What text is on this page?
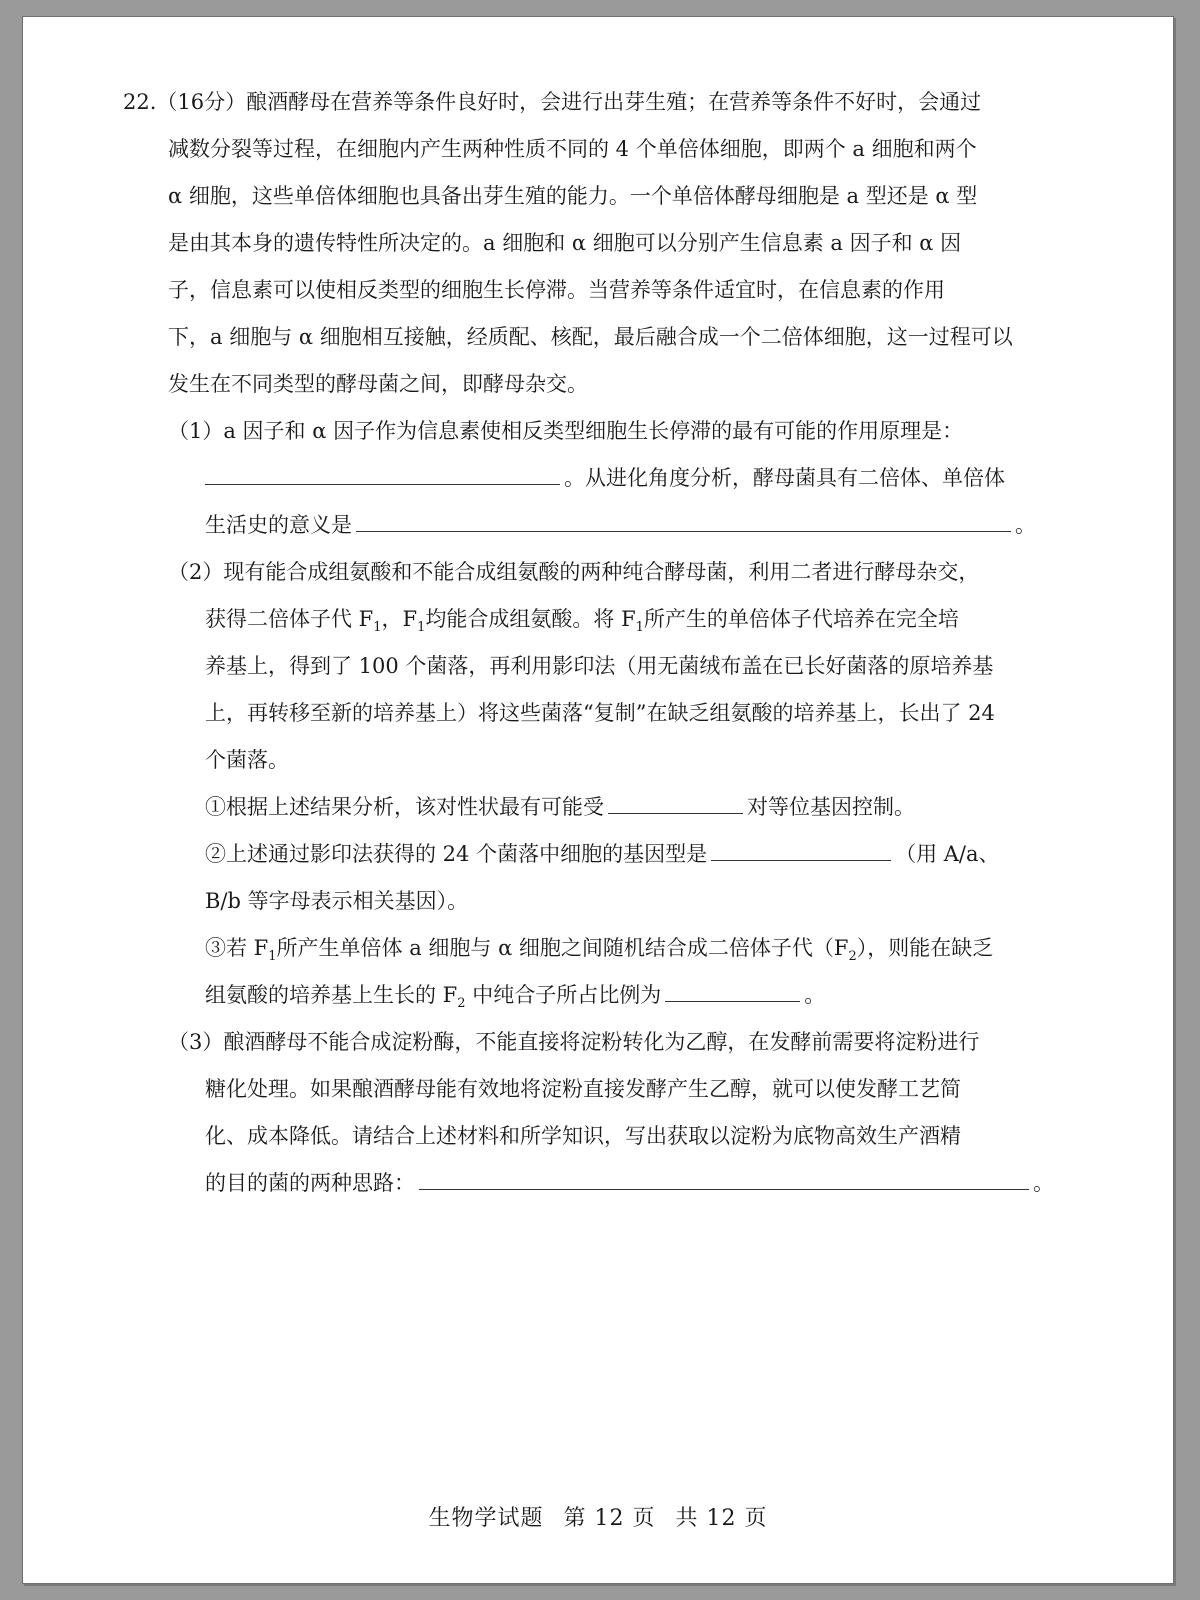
22.（16分）酿酒酵母在营养等条件良好时，会进行出芽生殖；在营养等条件不好时，会通过
减数分裂等过程，在细胞内产生两种性质不同的 4 个单倍体细胞，即两个 a 细胞和两个
α 细胞，这些单倍体细胞也具备出芽生殖的能力。一个单倍体酵母细胞是 a 型还是 α 型
是由其本身的遗传特性所决定的。a 细胞和 α 细胞可以分别产生信息素 a 因子和 α 因
子，信息素可以使相反类型的细胞生长停滞。当营养等条件适宜时，在信息素的作用
下，a 细胞与 α 细胞相互接触，经质配、核配，最后融合成一个二倍体细胞，这一过程可以
发生在不同类型的酵母菌之间，即酵母杂交。
（1）a 因子和 α 因子作为信息素使相反类型细胞生长停滞的最有可能的作用原理是：
。从进化角度分析，酵母菌具有二倍体、单倍体
生活史的意义是	。
（2）现有能合成组氨酸和不能合成组氨酸的两种纯合酵母菌，利用二者进行酵母杂交，
获得二倍体子代 $F_1$，$F_1$均能合成组氨酸。将 $F_1$所产生的单倍体子代培养在完全培
养基上，得到了 100 个菌落，再利用影印法（用无菌绒布盖在已长好菌落的原培养基
上，再转移至新的培养基上）将这些菌落“复制”在缺乏组氨酸的培养基上，长出了 24
个菌落。
①根据上述结果分析，该对性状最有可能受	对等位基因控制。
②上述通过影印法获得的 24 个菌落中细胞的基因型是	（用 A/a、
B/b 等字母表示相关基因）。
③若 $F_1$所产生单倍体 a 细胞与 α 细胞之间随机结合成二倍体子代$(F_2)$，则能在缺乏
组氨酸的培养基上生长的 $F_2$ 中纯合子所占比例为	。
（3）酿酒酵母不能合成淀粉酶，不能直接将淀粉转化为乙醇，在发酵前需要将淀粉进行
糖化处理。如果酿酒酵母能有效地将淀粉直接发酵产生乙醇，就可以使发酵工艺简
化、成本降低。请结合上述材料和所学知识，写出获取以淀粉为底物高效生产酒精
的目的菌的两种思路：	。
生物学试题 第 12 页 共 12 页
